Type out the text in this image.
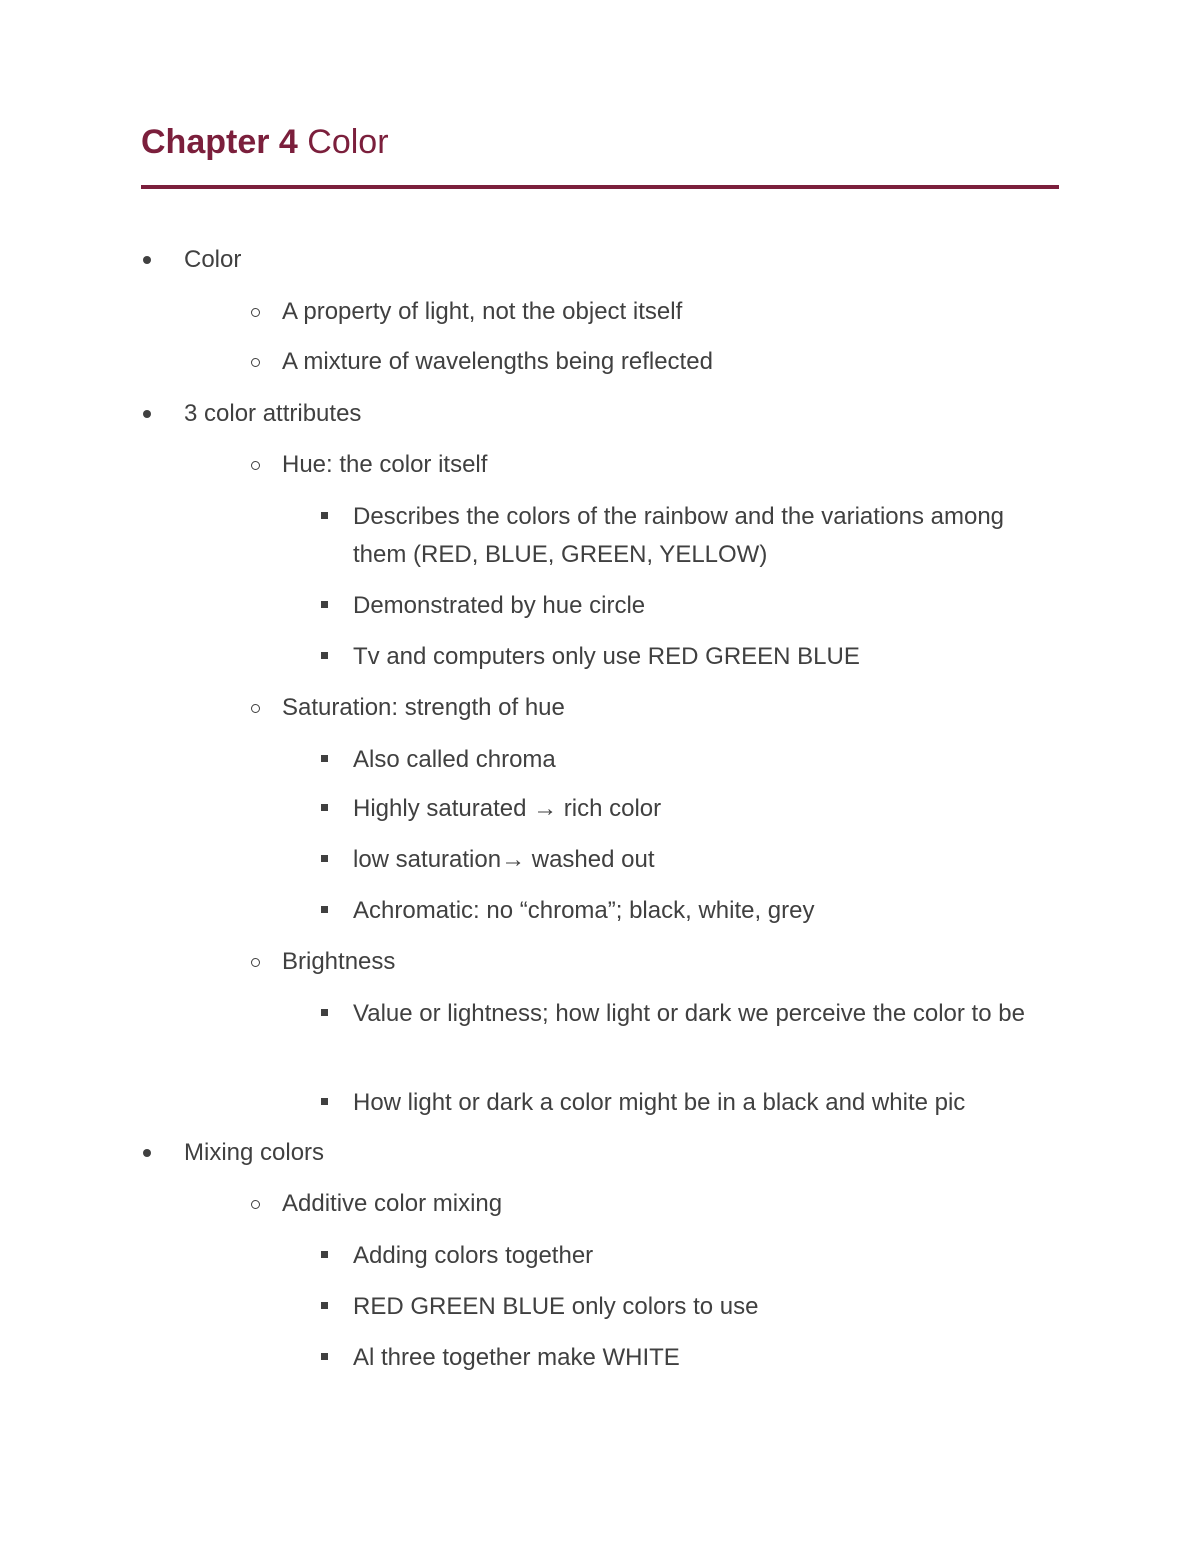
Chapter 4 Color
Color
A property of light, not the object itself
A mixture of wavelengths being reflected
3 color attributes
Hue: the color itself
Describes the colors of the rainbow and the variations among them (RED, BLUE, GREEN, YELLOW)
Demonstrated by hue circle
Tv and computers only use RED GREEN BLUE
Saturation: strength of hue
Also called chroma
Highly saturated → rich color
low saturation→ washed out
Achromatic: no “chroma”; black, white, grey
Brightness
Value or lightness; how light or dark we perceive the color to be
How light or dark a color might be in a black and white pic
Mixing colors
Additive color mixing
Adding colors together
RED GREEN BLUE only colors to use
Al three together make WHITE
